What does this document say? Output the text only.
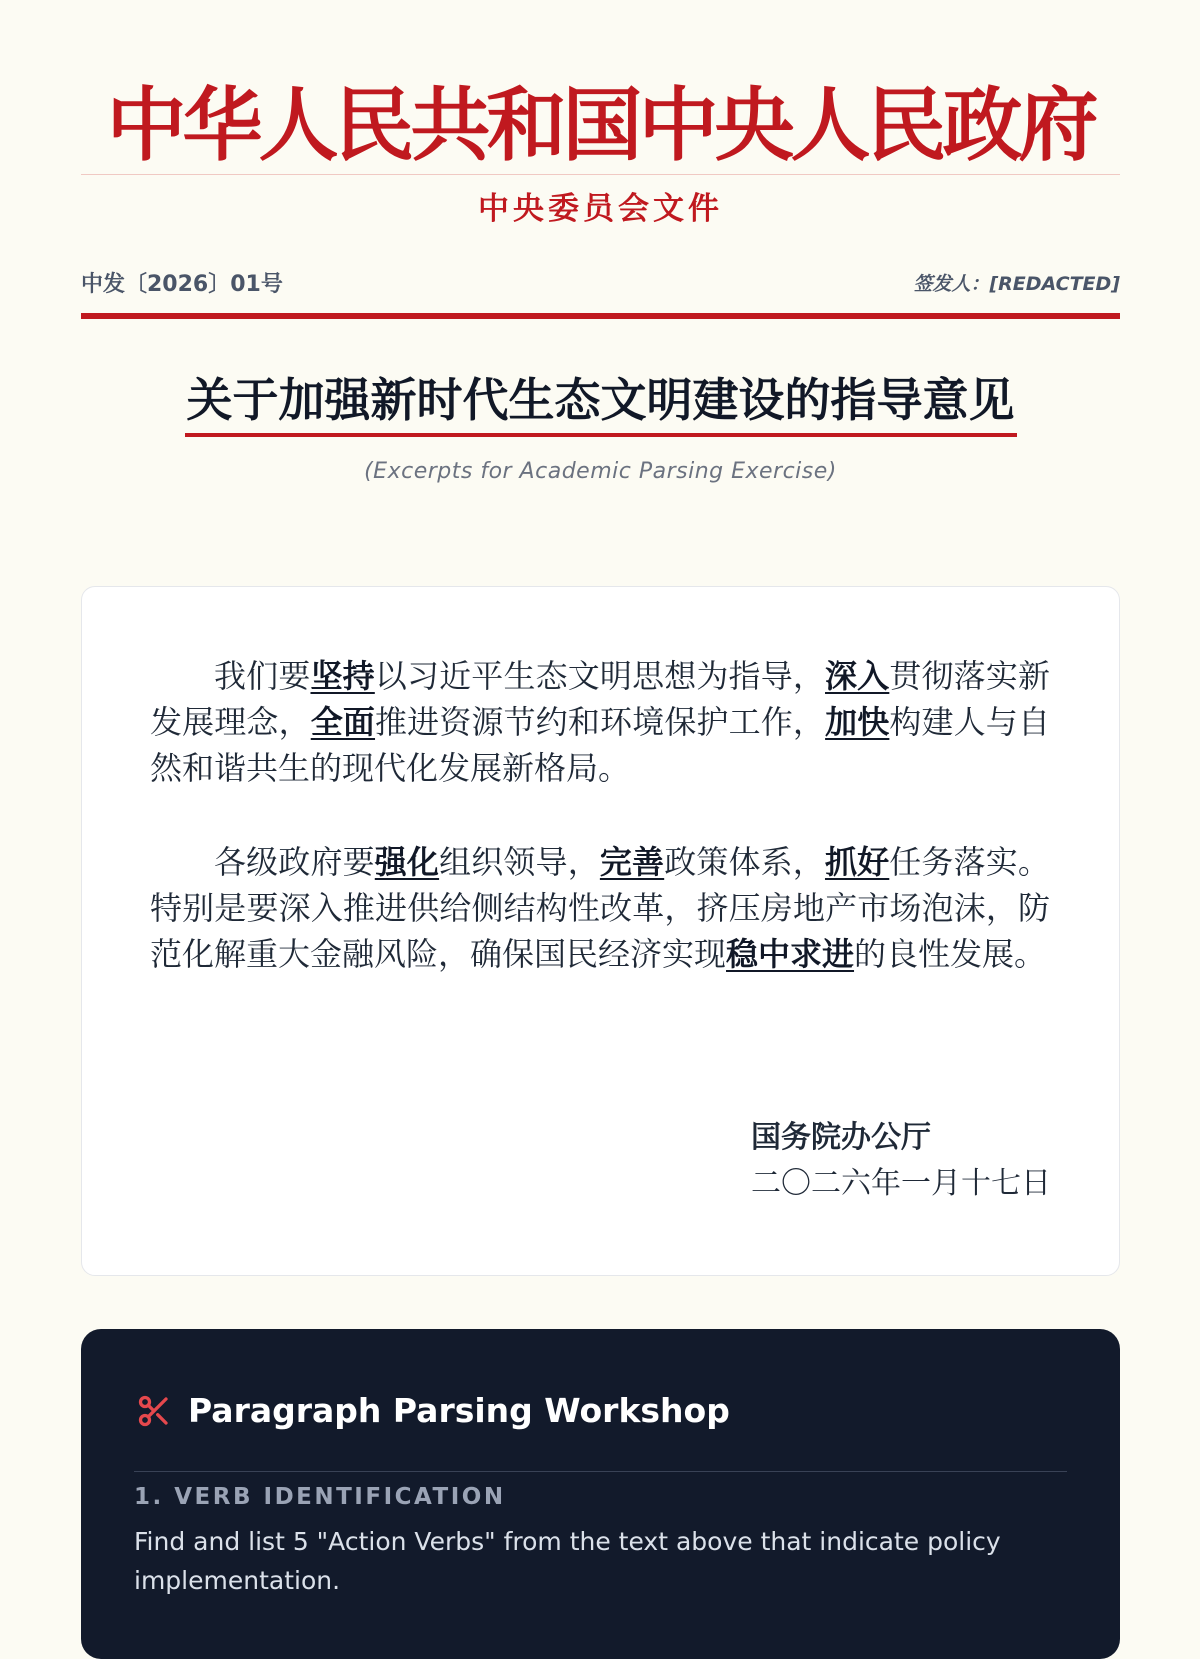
中华人民共和国中央人民政府
中央委员会文件
中发〔2026〕01号	签发人：[REDACTED]
关于加强新时代生态文明建设的指导意见
(Excerpts for Academic Parsing Exercise)

我们要坚持以习近平生态文明思想为指导，深入贯彻落实新发展理念，全面推进资源节约和环境保护工作，加快构建人与自然和谐共生的现代化发展新格局。

各级政府要强化组织领导，完善政策体系，抓好任务落实。特别是要深入推进供给侧结构性改革，挤压房地产市场泡沫，防范化解重大金融风险，确保国民经济实现稳中求进的良性发展。

国务院办公厅
二〇二六年一月十七日
Paragraph Parsing Workshop
1. VERB IDENTIFICATION
Find and list 5 "Action Verbs" from the text above that indicate policy implementation.
